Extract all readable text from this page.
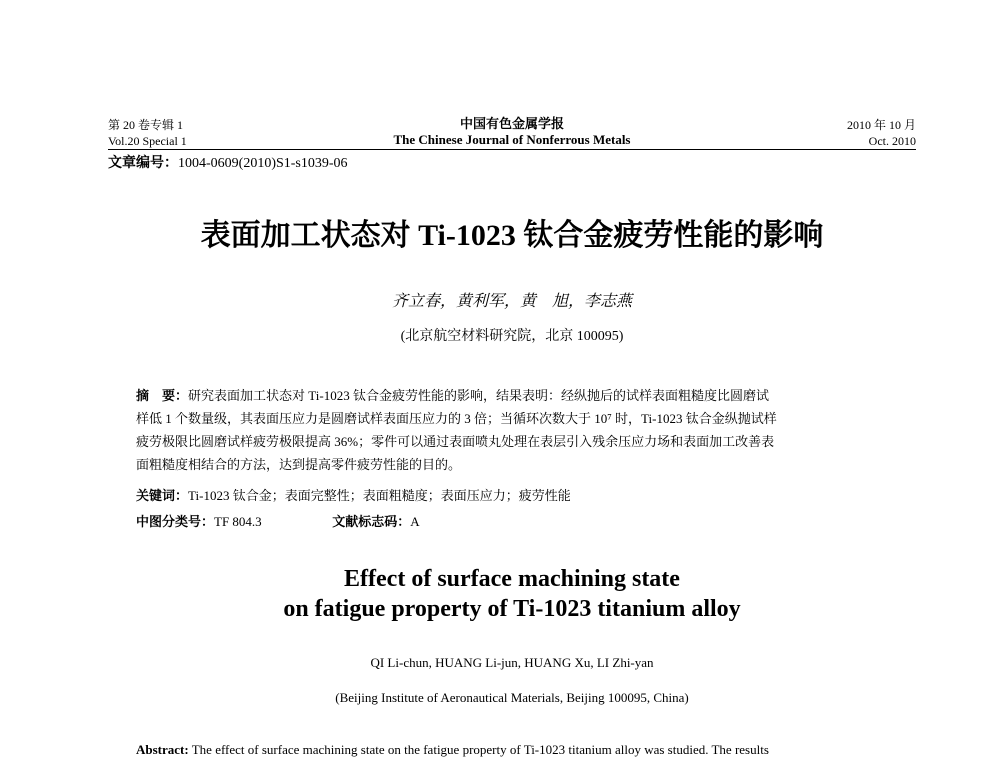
第 20 卷专辑 1
Vol.20 Special 1
中国有色金属学报
The Chinese Journal of Nonferrous Metals
2010 年 10 月
Oct. 2010
文章编号：1004-0609(2010)S1-s1039-06
表面加工状态对 Ti-1023 钛合金疲劳性能的影响
齐立春，黄利军，黄　旭，李志燕
(北京航空材料研究院，北京 100095)
摘　要：研究表面加工状态对 Ti-1023 钛合金疲劳性能的影响，结果表明：经纵抛后的试样表面粗糙度比圆磨试
样低 1 个数量级，其表面压应力是圆磨试样表面压应力的 3 倍；当循环次数大于 10⁷ 时，Ti-1023 钛合金纵抛试样
疲劳极限比圆磨试样疲劳极限提高 36%；零件可以通过表面喷丸处理在表层引入残余压应力场和表面加工改善表
面粗糙度相结合的方法，达到提高零件疲劳性能的目的。
关键词：Ti-1023 钛合金；表面完整性；表面粗糙度；表面压应力；疲劳性能
中图分类号：TF 804.3	文献标志码：A
Effect of surface machining state
on fatigue property of Ti-1023 titanium alloy
QI Li-chun, HUANG Li-jun, HUANG Xu, LI Zhi-yan
(Beijing Institute of Aeronautical Materials, Beijing 100095, China)
Abstract: The effect of surface machining state on the fatigue property of Ti-1023 titanium alloy was studied. The results
